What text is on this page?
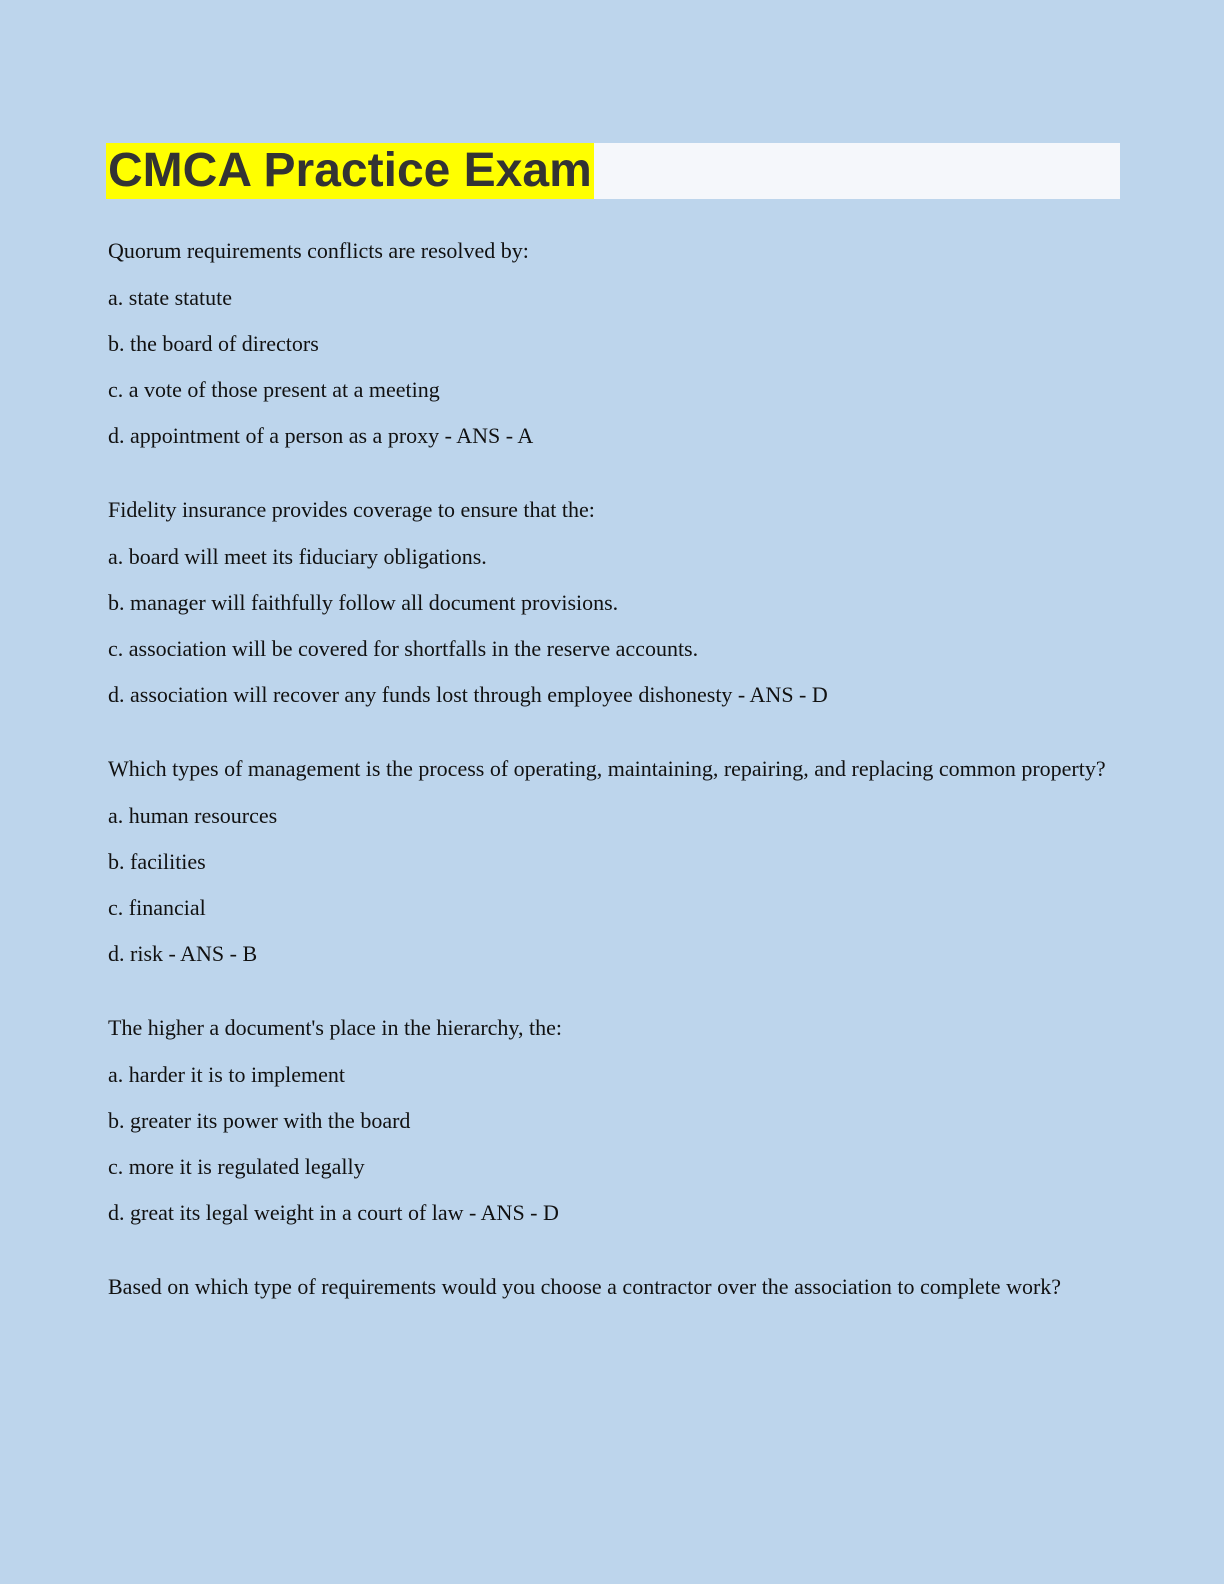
CMCA Practice Exam
Quorum requirements conflicts are resolved by:
a. state statute
b. the board of directors
c. a vote of those present at a meeting
d. appointment of a person as a proxy - ANS - A
Fidelity insurance provides coverage to ensure that the:
a. board will meet its fiduciary obligations.
b. manager will faithfully follow all document provisions.
c. association will be covered for shortfalls in the reserve accounts.
d. association will recover any funds lost through employee dishonesty - ANS - D
Which types of management is the process of operating, maintaining, repairing, and replacing common property?
a. human resources
b. facilities
c. financial
d. risk - ANS - B
The higher a document's place in the hierarchy, the:
a. harder it is to implement
b. greater its power with the board
c. more it is regulated legally
d. great its legal weight in a court of law - ANS - D
Based on which type of requirements would you choose a contractor over the association to complete work?
